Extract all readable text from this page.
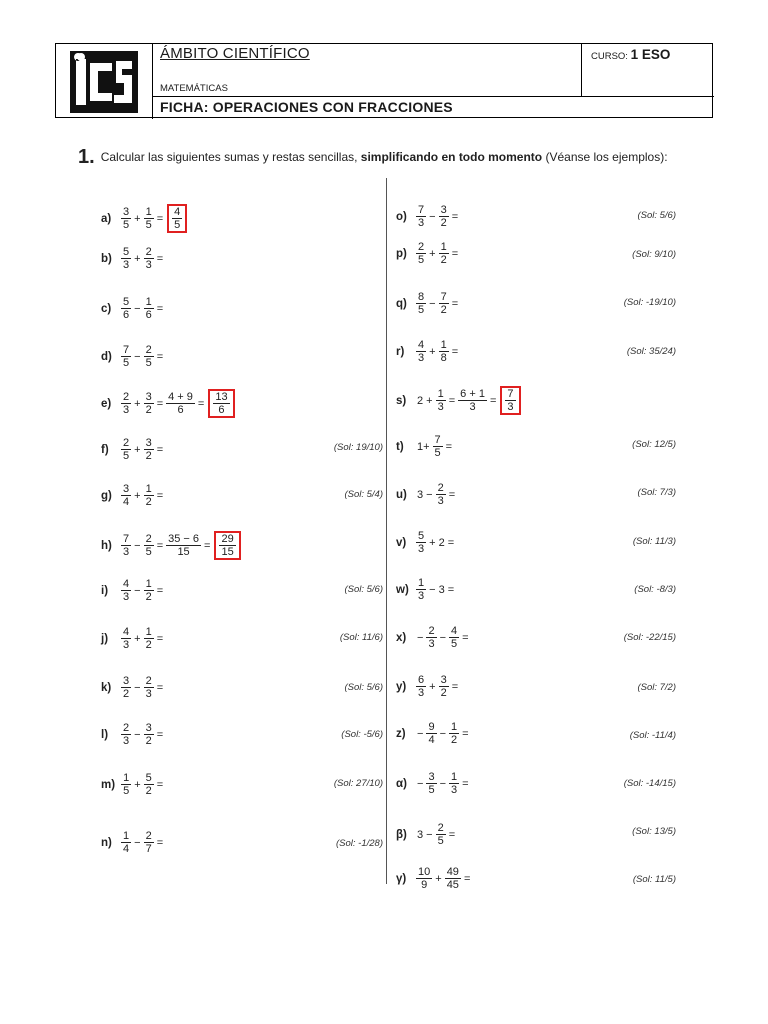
ÁMBITO CIENTÍFICO
MATEMÁTICAS
CURSO: 1 ESO
FICHA: OPERACIONES CON FRACCIONES
1. Calcular las siguientes sumas y restas sencillas, simplificando en todo momento (Véanse los ejemplos):
$a) \frac{3}{5} + \frac{1}{5} = \frac{4}{5}$
$b) \frac{5}{3} + \frac{2}{3}$ =
$c) \frac{5}{6} - \frac{1}{6}$ =
$d) \frac{7}{5} - \frac{2}{5}$ =
$e) \frac{2}{3} + \frac{3}{2} = \frac{4 + 9}{6} = \frac{13}{6}$
f)	$\frac{2}{5} + \frac{3}{2}$ =	(Sol: 19/10)
$g) \frac{3}{4} + \frac{1}{2}$ =	(Sol: 5/4)
$h) \frac{7}{3} - \frac{2}{5} = \frac{35 - 6}{15} = \frac{29}{15}$
i)	$\frac{4}{3} - \frac{1}{2}$ =	(Sol: 5/6)
j)	$\frac{4}{3} + \frac{1}{2}$ =	(Sol: 11/6)
$k) \frac{3}{2} - \frac{2}{3}$ =	(Sol: 5/6)
l)	$\frac{2}{3} - \frac{3}{2}$ =	(Sol: -5/6)
$m) \frac{1}{5} + \frac{5}{2}$ =	(Sol: 27/10)
$n) \frac{1}{4} - \frac{2}{7}$ =	(Sol: -1/28)
$o) \frac{7}{3} - \frac{3}{2}$ =	(Sol: 5/6)
$p) \frac{2}{5} + \frac{1}{2}$ =	(Sol: 9/10)
$q) \frac{8}{5} - \frac{7}{2}$ =	(Sol: -19/10)
r)	$\frac{4}{3} + \frac{1}{8}$ =	(Sol: 35/24)
s) $2 + \frac{1}{3} = \frac{6 + 1}{3} = \frac{7}{3}$
t)	$1+ \frac{7}{5}$ =	(Sol: 12/5)
u) $3 - \frac{2}{3}$ =	(Sol: 7/3)
$v) \frac{5}{3} + 2$ =	(Sol: 11/3)
$w) \frac{1}{3} - 3$ =	(Sol: -8/3)
$x) - \frac{2}{3} - \frac{4}{5}$ =	(Sol: -22/15)
$y) \frac{6}{3} + \frac{3}{2}$ =	(Sol: 7/2)
z)	− $\frac{9}{4} - \frac{1}{2}$ =	(Sol: -11/4)
$\alpha) - \frac{3}{5} - \frac{1}{3}$ =	(Sol: -14/15)
β) $3 - \frac{2}{5}$ =	(Sol: 13/5)
$\gamma) \frac{10}{9} + \frac{49}{45}$ =	(Sol: 11/5)
